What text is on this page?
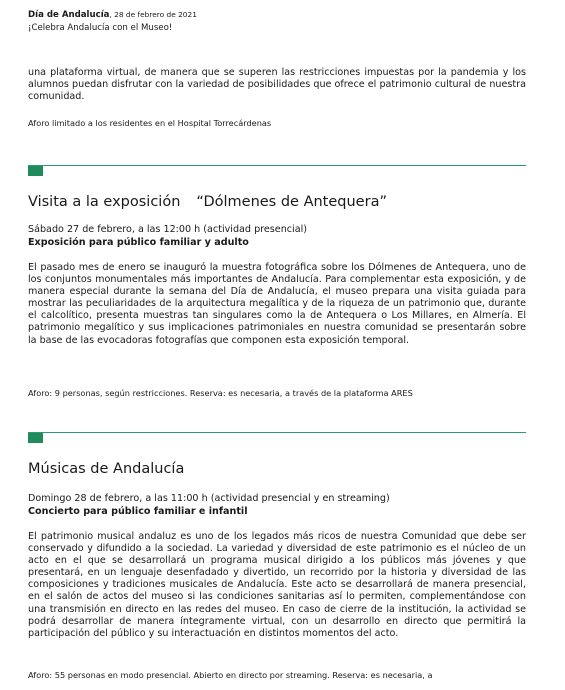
Día de Andalucía, 28 de febrero de 2021
¡Celebra Andalucía con el Museo!
una plataforma virtual, de manera que se superen las restricciones impuestas por la pandemia y los alumnos puedan disfrutar con la variedad de posibilidades que ofrece el patrimonio cultural de nuestra comunidad.
Aforo limitado a los residentes en el Hospital Torrecárdenas
Visita a la exposición “Dólmenes de Antequera”
Sábado 27 de febrero, a las 12:00 h (actividad presencial)
Exposición para público familiar y adulto
El pasado mes de enero se inauguró la muestra fotográfica sobre los Dólmenes de Antequera, uno de los conjuntos monumentales más importantes de Andalucía. Para complementar esta exposición, y de manera especial durante la semana del Día de Andalucía, el museo prepara una visita guiada para mostrar las peculiaridades de la arquitectura megalítica y de la riqueza de un patrimonio que, durante el calcolítico, presenta muestras tan singulares como la de Antequera o Los Millares, en Almería. El patrimonio megalítico y sus implicaciones patrimoniales en nuestra comunidad se presentarán sobre la base de las evocadoras fotografías que componen esta exposición temporal.
Aforo: 9 personas, según restricciones. Reserva: es necesaria, a través de la plataforma ARES
Músicas de Andalucía
Domingo 28 de febrero, a las 11:00 h (actividad presencial y en streaming)
Concierto para público familiar e infantil
El patrimonio musical andaluz es uno de los legados más ricos de nuestra Comunidad que debe ser conservado y difundido a la sociedad. La variedad y diversidad de este patrimonio es el núcleo de un acto en el que se desarrollará un programa musical dirigido a los públicos más jóvenes y que presentará, en un lenguaje desenfadado y divertido, un recorrido por la historia y diversidad de las composiciones y tradiciones musicales de Andalucía. Este acto se desarrollará de manera presencial, en el salón de actos del museo si las condiciones sanitarias así lo permiten, complementándose con una transmisión en directo en las redes del museo. En caso de cierre de la institución, la actividad se podrá desarrollar de manera íntegramente virtual, con un desarrollo en directo que permitirá la participación del público y su interactuación en distintos momentos del acto.
Aforo: 55 personas en modo presencial. Abierto en directo por streaming. Reserva: es necesaria, a
